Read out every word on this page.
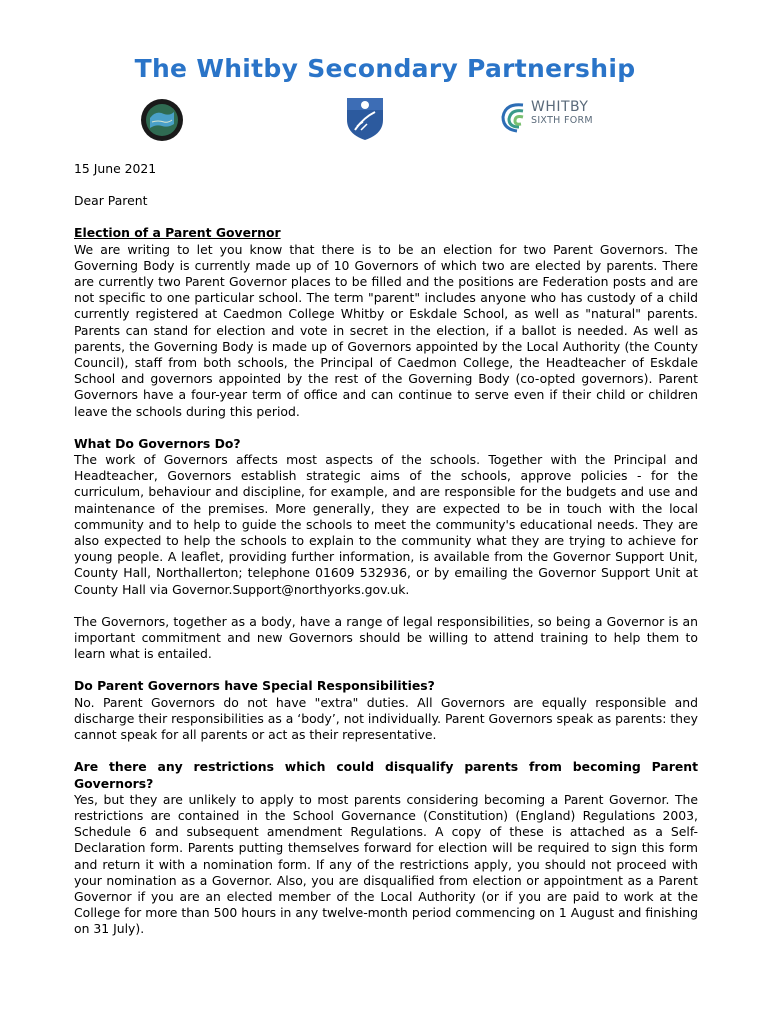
The Whitby Secondary Partnership
WHITBY
SIXTH FORM

15 June 2021

Dear Parent

Election of a Parent Governor

We are writing to let you know that there is to be an election for two Parent Governors. The Governing Body is currently made up of 10 Governors of which two are elected by parents. There are currently two Parent Governor places to be filled and the positions are Federation posts and are not specific to one particular school. The term "parent" includes anyone who has custody of a child currently registered at Caedmon College Whitby or Eskdale School, as well as "natural" parents. Parents can stand for election and vote in secret in the election, if a ballot is needed. As well as parents, the Governing Body is made up of Governors appointed by the Local Authority (the County Council), staff from both schools, the Principal of Caedmon College, the Headteacher of Eskdale School and governors appointed by the rest of the Governing Body (co-opted governors). Parent Governors have a four-year term of office and can continue to serve even if their child or children leave the schools during this period.

What Do Governors Do?

The work of Governors affects most aspects of the schools. Together with the Principal and Headteacher, Governors establish strategic aims of the schools, approve policies - for the curriculum, behaviour and discipline, for example, and are responsible for the budgets and use and maintenance of the premises. More generally, they are expected to be in touch with the local community and to help to guide the schools to meet the community's educational needs. They are also expected to help the schools to explain to the community what they are trying to achieve for young people. A leaflet, providing further information, is available from the Governor Support Unit, County Hall, Northallerton; telephone 01609 532936, or by emailing the Governor Support Unit at County Hall via Governor.Support@northyorks.gov.uk.

The Governors, together as a body, have a range of legal responsibilities, so being a Governor is an important commitment and new Governors should be willing to attend training to help them to learn what is entailed.

Do Parent Governors have Special Responsibilities?

No. Parent Governors do not have "extra" duties. All Governors are equally responsible and discharge their responsibilities as a ‘body’, not individually. Parent Governors speak as parents: they cannot speak for all parents or act as their representative.

Are there any restrictions which could disqualify parents from becoming Parent Governors?

Yes, but they are unlikely to apply to most parents considering becoming a Parent Governor. The restrictions are contained in the School Governance (Constitution) (England) Regulations 2003, Schedule 6 and subsequent amendment Regulations. A copy of these is attached as a Self-Declaration form. Parents putting themselves forward for election will be required to sign this form and return it with a nomination form. If any of the restrictions apply, you should not proceed with your nomination as a Governor. Also, you are disqualified from election or appointment as a Parent Governor if you are an elected member of the Local Authority (or if you are paid to work at the College for more than 500 hours in any twelve-month period commencing on 1 August and finishing on 31 July).
